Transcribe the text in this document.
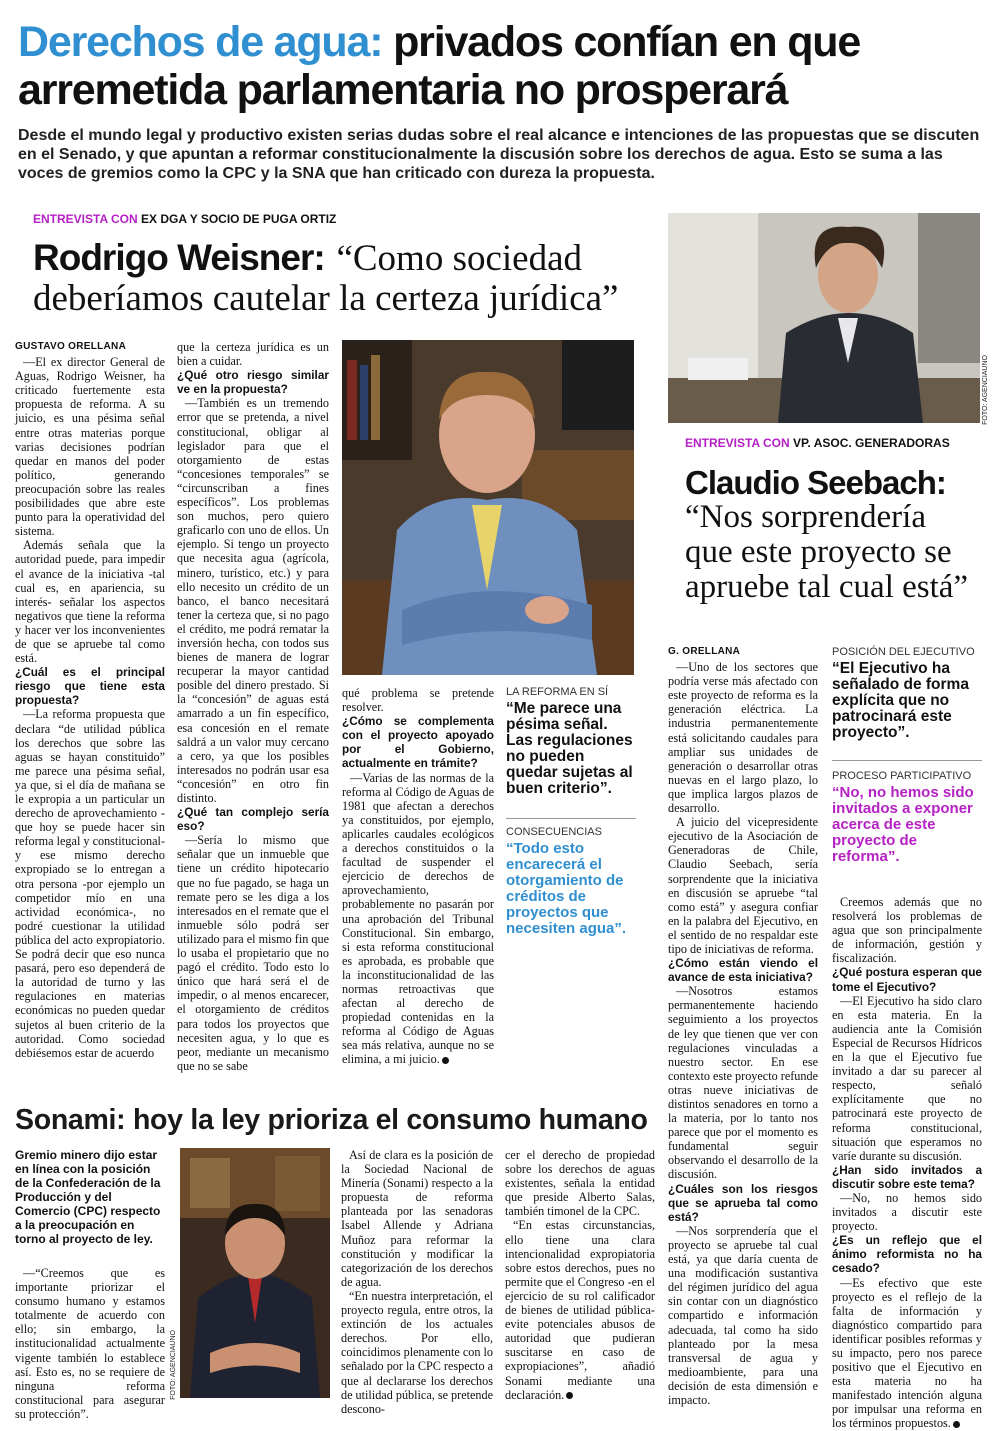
Derechos de agua: privados confían en que
arremetida parlamentaria no prosperará
Desde el mundo legal y productivo existen serias dudas sobre el real alcance e intenciones de las propuestas que se discuten en el Senado, y que apuntan a reformar constitucionalmente la discusión sobre los derechos de agua. Esto se suma a las voces de gremios como la CPC y la SNA que han criticado con dureza la propuesta.
ENTREVISTA CON EX DGA Y SOCIO DE PUGA ORTIZ
Rodrigo Weisner: “Como sociedad
deberíamos cautelar la certeza jurídica”
GUSTAVO ORELLANA

—El ex director General de Aguas, Rodrigo Weisner, ha criticado fuertemente esta propuesta de reforma. A su juicio, es una pésima señal entre otras materias porque varias decisiones podrían quedar en manos del poder político, generando preocupación sobre las reales posibilidades que abre este punto para la operatividad del sistema.

Además señala que la autoridad puede, para impedir el avance de la iniciativa -tal cual es, en apariencia, su interés- señalar los aspectos negativos que tiene la reforma y hacer ver los inconvenientes de que se apruebe tal como está.

¿Cuál es el principal riesgo que tiene esta propuesta?

—La reforma propuesta que declara “de utilidad pública los derechos que sobre las aguas se hayan constituido” me parece una pésima señal, ya que, si el día de mañana se le expropia a un particular un derecho de aprovechamiento -que hoy se puede hacer sin reforma legal y constitucional- y ese mismo derecho expropiado se lo entregan a otra persona -por ejemplo un competidor mío en una actividad económica-, no podré cuestionar la utilidad pública del acto expropiatorio. Se podrá decir que eso nunca pasará, pero eso dependerá de la autoridad de turno y las regulaciones en materias económicas no pueden quedar sujetos al buen criterio de la autoridad. Como sociedad debiésemos estar de acuerdo

que la certeza jurídica es un bien a cuidar.

¿Qué otro riesgo similar ve en la propuesta?

—También es un tremendo error que se pretenda, a nivel constitucional, obligar al legislador para que el otorgamiento de estas “concesiones temporales” se “circunscriban a fines específicos”. Los problemas son muchos, pero quiero graficarlo con uno de ellos. Un ejemplo. Si tengo un proyecto que necesita agua (agrícola, minero, turístico, etc.) y para ello necesito un crédito de un banco, el banco necesitará tener la certeza que, si no pago el crédito, me podrá rematar la inversión hecha, con todos sus bienes de manera de lograr recuperar la mayor cantidad posible del dinero prestado. Si la “concesión” de aguas está amarrado a un fin específico, esa concesión en el remate saldrá a un valor muy cercano a cero, ya que los posibles interesados no podrán usar esa “concesión” en otro fin distinto.

¿Qué tan complejo sería eso?

—Sería lo mismo que señalar que un inmueble que tiene un crédito hipotecario que no fue pagado, se haga un remate pero se les diga a los interesados en el remate que el inmueble sólo podrá ser utilizado para el mismo fin que lo usaba el propietario que no pagó el crédito. Todo esto lo único que hará será el de impedir, o al menos encarecer, el otorgamiento de créditos para todos los proyectos que necesiten agua, y lo que es peor, mediante un mecanismo que no se sabe

qué problema se pretende resolver.

¿Cómo se complementa con el proyecto apoyado por el Gobierno, actualmente en trámite?

—Varias de las normas de la reforma al Código de Aguas de 1981 que afectan a derechos ya constituidos, por ejemplo, aplicarles caudales ecológicos a derechos constituidos o la facultad de suspender el ejercicio de derechos de aprovechamiento, probablemente no pasarán por una aprobación del Tribunal Constitucional. Sin embargo, si esta reforma constitucional es aprobada, es probable que la inconstitucionalidad de las normas retroactivas que afectan al derecho de propiedad contenidas en la reforma al Código de Aguas sea más relativa, aunque no se elimina, a mi juicio.

LA REFORMA EN SÍ
“Me parece una pésima señal. Las regulaciones no pueden quedar sujetas al buen criterio”.
CONSECUENCIAS
“Todo esto encarecerá el otorgamiento de créditos de proyectos que necesiten agua”.
FOTO: AGENCIAUNO
ENTREVISTA CON VP. ASOC. GENERADORAS
Claudio Seebach:
“Nos sorprendería
que este proyecto se
apruebe tal cual está”
G. ORELLANA

—Uno de los sectores que podría verse más afectado con este proyecto de reforma es la generación eléctrica. La industria permanentemente está solicitando caudales para ampliar sus unidades de generación o desarrollar otras nuevas en el largo plazo, lo que implica largos plazos de desarrollo.

A juicio del vicepresidente ejecutivo de la Asociación de Generadoras de Chile, Claudio Seebach, sería sorprendente que la iniciativa en discusión se apruebe “tal como está” y asegura confiar en la palabra del Ejecutivo, en el sentido de no respaldar este tipo de iniciativas de reforma.

¿Cómo están viendo el avance de esta iniciativa?

—Nosotros estamos permanentemente haciendo seguimiento a los proyectos de ley que tienen que ver con regulaciones vinculadas a nuestro sector. En ese contexto este proyecto refunde otras nueve iniciativas de distintos senadores en torno a la materia, por lo tanto nos parece que por el momento es fundamental seguir observando el desarrollo de la discusión.

¿Cuáles son los riesgos que se aprueba tal como está?

—Nos sorprendería que el proyecto se apruebe tal cual está, ya que daría cuenta de una modificación sustantiva del régimen jurídico del agua sin contar con un diagnóstico compartido e información adecuada, tal como ha sido planteado por la mesa transversal de agua y medioambiente, para una decisión de esta dimensión e impacto.

POSICIÓN DEL EJECUTIVO
“El Ejecutivo ha señalado de forma explícita que no patrocinará este proyecto”.
PROCESO PARTICIPATIVO
“No, no hemos sido invitados a exponer acerca de este proyecto de reforma”.

Creemos además que no resolverá los problemas de agua que son principalmente de información, gestión y fiscalización.

¿Qué postura esperan que tome el Ejecutivo?

—El Ejecutivo ha sido claro en esta materia. En la audiencia ante la Comisión Especial de Recursos Hídricos en la que el Ejecutivo fue invitado a dar su parecer al respecto, señaló explícitamente que no patrocinará este proyecto de reforma constitucional, situación que esperamos no varíe durante su discusión.

¿Han sido invitados a discutir sobre este tema?

—No, no hemos sido invitados a discutir este proyecto.

¿Es un reflejo que el ánimo reformista no ha cesado?

—Es efectivo que este proyecto es el reflejo de la falta de información y diagnóstico compartido para identificar posibles reformas y su impacto, pero nos parece positivo que el Ejecutivo en esta materia no ha manifestado intención alguna por impulsar una reforma en los términos propuestos.

Sonami: hoy la ley prioriza el consumo humano
Gremio minero dijo estar en línea con la posición de la Confederación de la Producción y del Comercio (CPC) respecto a la preocupación en torno al proyecto de ley.

—“Creemos que es importante priorizar el consumo humano y estamos totalmente de acuerdo con ello; sin embargo, la institucionalidad actualmente vigente también lo establece así. Esto es, no se requiere de ninguna reforma constitucional para asegurar su protección”.

FOTO: AGENCIAUNO

Así de clara es la posición de la Sociedad Nacional de Minería (Sonami) respecto a la propuesta de reforma planteada por las senadoras Isabel Allende y Adriana Muñoz para reformar la constitución y modificar la categorización de los derechos de agua.

“En nuestra interpretación, el proyecto regula, entre otros, la extinción de los actuales derechos. Por ello, coincidimos plenamente con lo señalado por la CPC respecto a que al declararse los derechos de utilidad pública, se pretende descono-

cer el derecho de propiedad sobre los derechos de aguas existentes, señala la entidad que preside Alberto Salas, también timonel de la CPC.

“En estas circunstancias, ello tiene una clara intencionalidad expropiatoria sobre estos derechos, pues no permite que el Congreso -en el ejercicio de su rol calificador de bienes de utilidad pública- evite potenciales abusos de autoridad que pudieran suscitarse en caso de expropiaciones”, añadió Sonami mediante una declaración.
